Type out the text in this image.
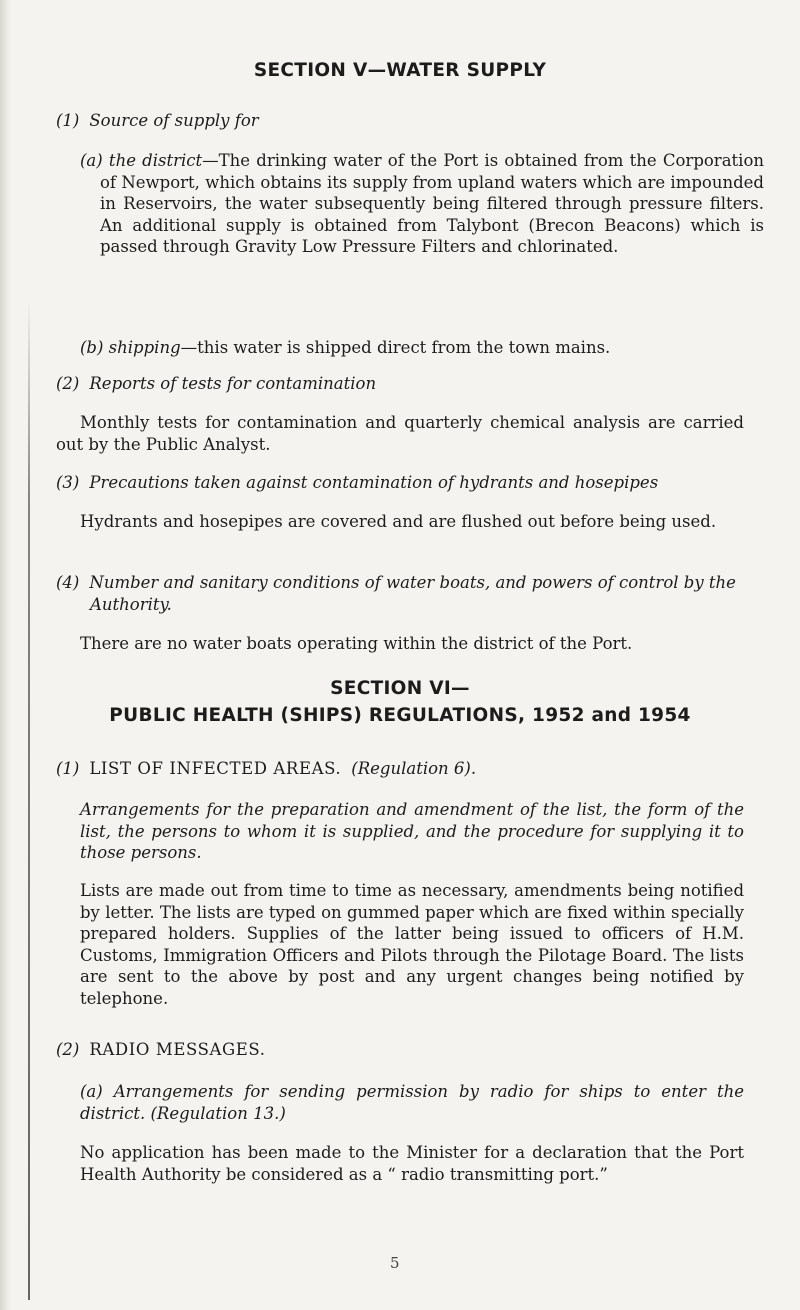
SECTION V—WATER SUPPLY

(1) Source of supply for

(a) the district—The drinking water of the Port is obtained from the Corporation of Newport, which obtains its supply from upland waters which are impounded in Reservoirs, the water subsequently being filtered through pressure filters. An additional supply is obtained from Talybont (Brecon Beacons) which is passed through Gravity Low Pressure Filters and chlorinated.

(b) shipping—this water is shipped direct from the town mains.

(2) Reports of tests for contamination

Monthly tests for contamination and quarterly chemical analysis are carried out by the Public Analyst.

(3) Precautions taken against contamination of hydrants and hosepipes

Hydrants and hosepipes are covered and are flushed out before being used.

(4) Number and sanitary conditions of water boats, and powers of control by the Authority.

There are no water boats operating within the district of the Port.

SECTION VI—
PUBLIC HEALTH (SHIPS) REGULATIONS, 1952 and 1954

(1) LIST OF INFECTED AREAS. (Regulation 6).

Arrangements for the preparation and amendment of the list, the form of the list, the persons to whom it is supplied, and the procedure for supplying it to those persons.

Lists are made out from time to time as necessary, amendments being notified by letter. The lists are typed on gummed paper which are fixed within specially prepared holders. Supplies of the latter being issued to officers of H.M. Customs, Immigration Officers and Pilots through the Pilotage Board. The lists are sent to the above by post and any urgent changes being notified by telephone.

(2) RADIO MESSAGES.

(a) Arrangements for sending permission by radio for ships to enter the district. (Regulation 13.)

No application has been made to the Minister for a declaration that the Port Health Authority be considered as a “ radio transmitting port.”

5
